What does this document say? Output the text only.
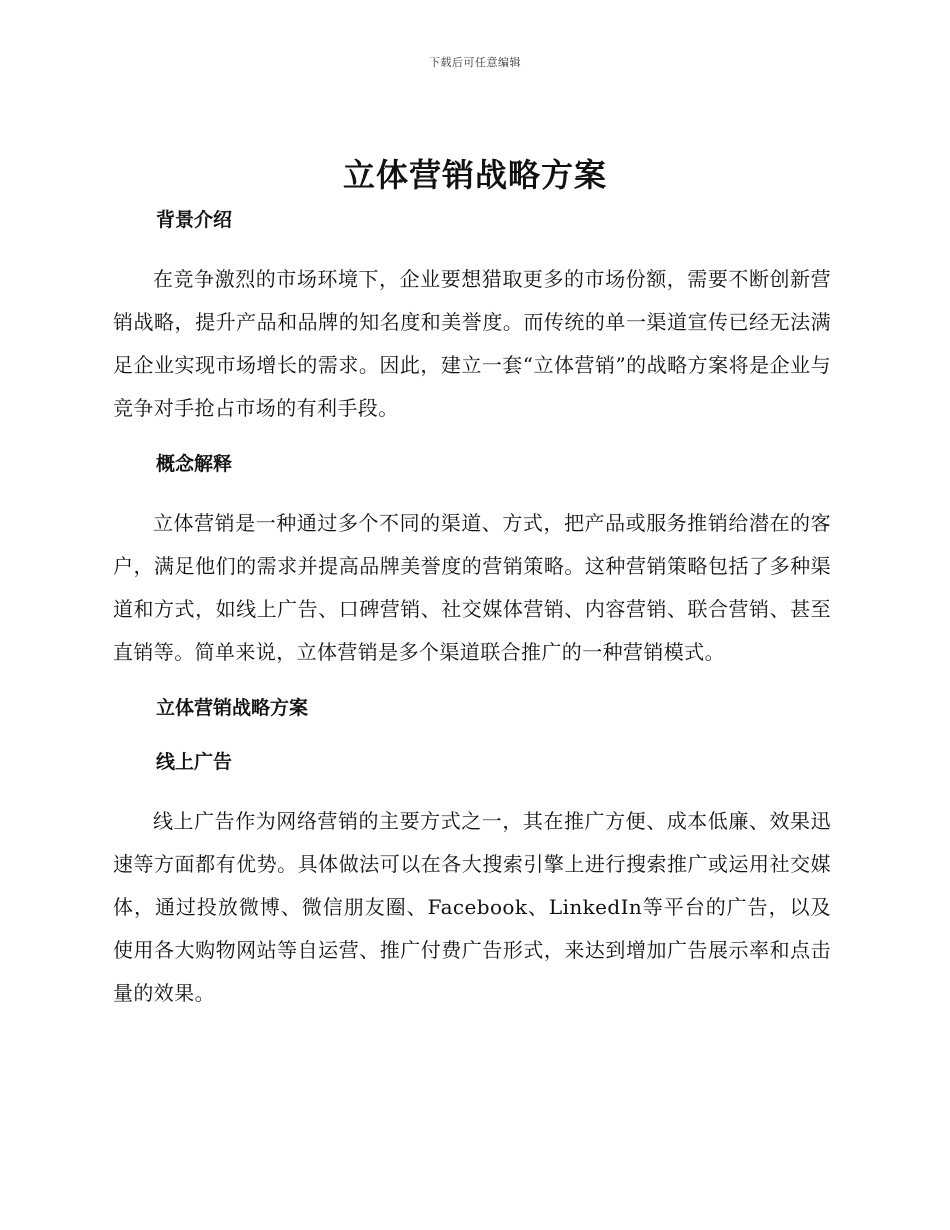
下载后可任意编辑
立体营销战略方案
背景介绍

在竞争激烈的市场环境下，企业要想猎取更多的市场份额，需要不断创新营销战略，提升产品和品牌的知名度和美誉度。而传统的单一渠道宣传已经无法满足企业实现市场增长的需求。因此，建立一套“立体营销”的战略方案将是企业与竞争对手抢占市场的有利手段。

概念解释

立体营销是一种通过多个不同的渠道、方式，把产品或服务推销给潜在的客户，满足他们的需求并提高品牌美誉度的营销策略。这种营销策略包括了多种渠道和方式，如线上广告、口碑营销、社交媒体营销、内容营销、联合营销、甚至直销等。简单来说，立体营销是多个渠道联合推广的一种营销模式。

立体营销战略方案
线上广告

线上广告作为网络营销的主要方式之一，其在推广方便、成本低廉、效果迅速等方面都有优势。具体做法可以在各大搜索引擎上进行搜索推广或运用社交媒体，通过投放微博、微信朋友圈、Facebook、LinkedIn等平台的广告，以及使用各大购物网站等自运营、推广付费广告形式，来达到增加广告展示率和点击量的效果。
